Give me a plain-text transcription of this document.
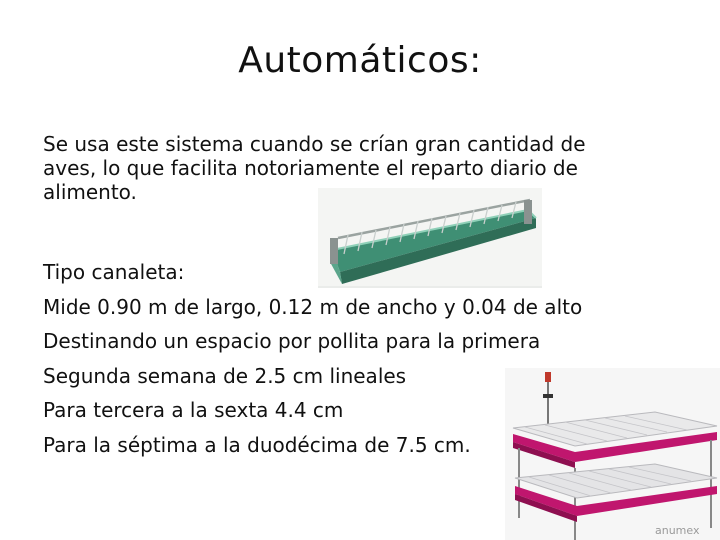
Automáticos:
Se usa este sistema cuando se crían gran cantidad de
aves, lo que facilita notoriamente el reparto diario de
alimento.
Tipo canaleta:
Mide 0.90 m de largo, 0.12 m de ancho y 0.04 de alto
Destinando un espacio por pollita para la primera
Segunda semana de 2.5 cm lineales
Para tercera a la sexta 4.4 cm
Para la séptima a la duodécima de 7.5 cm.
anumex
